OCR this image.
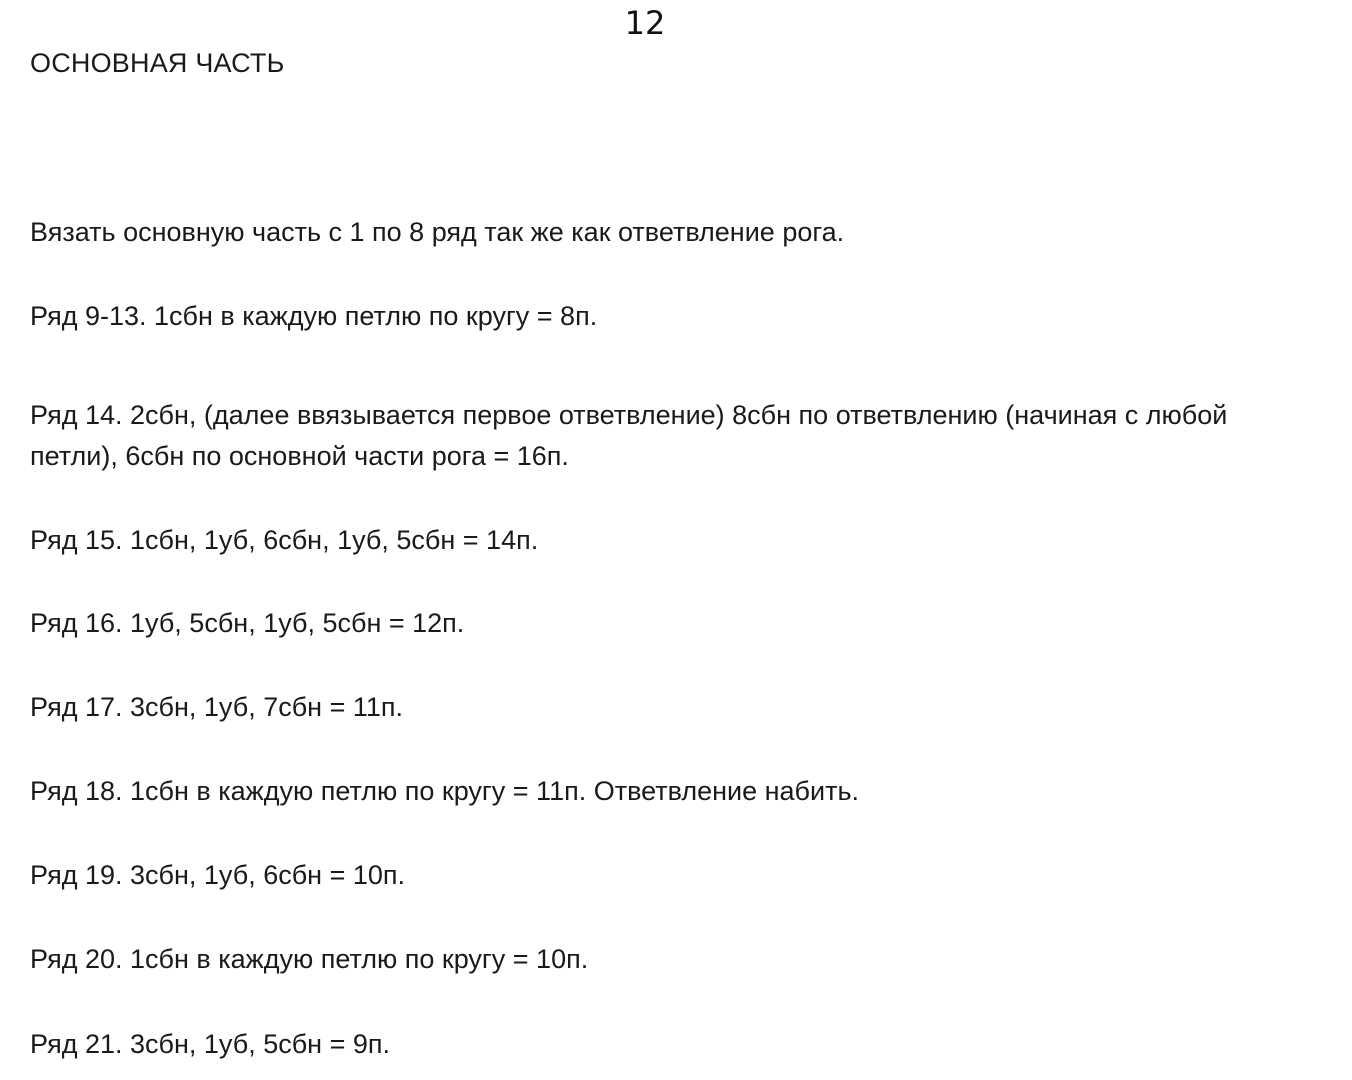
12
ОСНОВНАЯ ЧАСТЬ

Вязать основную часть с 1 по 8 ряд так же как ответвление рога.

Ряд 9-13. 1сбн в каждую петлю по кругу = 8п.

Ряд 14. 2сбн, (далее ввязывается первое ответвление) 8сбн по ответвлению (начиная с любой

петли), 6сбн по основной части рога = 16п.

Ряд 15. 1сбн, 1уб, 6сбн, 1уб, 5сбн = 14п.

Ряд 16. 1уб, 5сбн, 1уб, 5сбн = 12п.

Ряд 17. 3сбн, 1уб, 7сбн = 11п.

Ряд 18. 1сбн в каждую петлю по кругу = 11п. Ответвление набить.

Ряд 19. 3сбн, 1уб, 6сбн = 10п.

Ряд 20. 1сбн в каждую петлю по кругу = 10п.

Ряд 21. 3сбн, 1уб, 5сбн = 9п.
